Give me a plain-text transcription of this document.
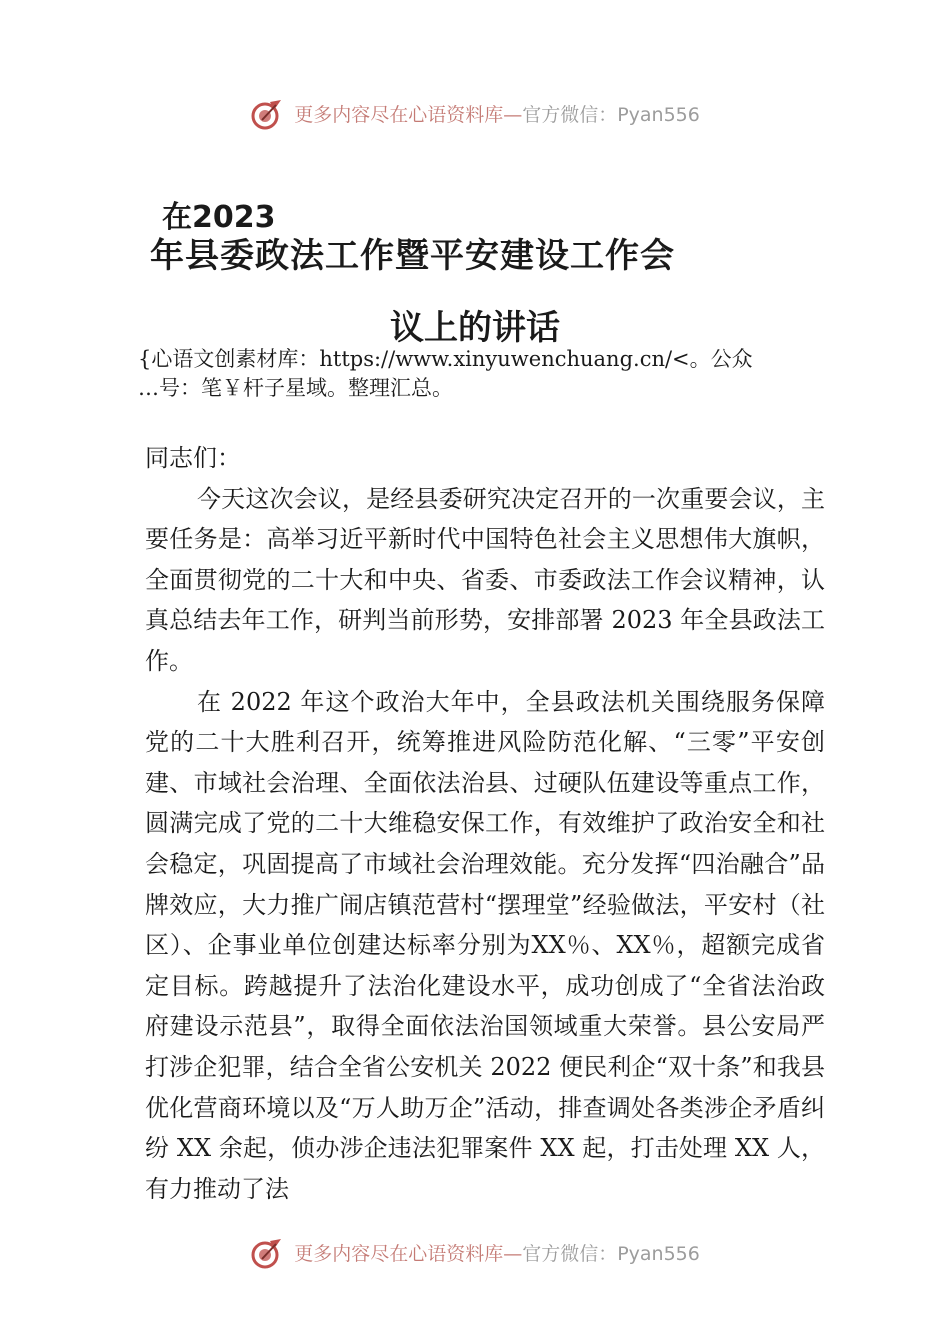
更多内容尽在心语资料库—官方微信：Pyan556
在2023
年县委政法工作暨平安建设工作会
议上的讲话
{心语文创素材库：https://www.xinyuwenchuang.cn/<。公众
…号：笔￥杆子星域。整理汇总。

同志们：

今天这次会议，是经县委研究决定召开的一次重要会议，主要任务是：高举习近平新时代中国特色社会主义思想伟大旗帜，全面贯彻党的二十大和中央、省委、市委政法工作会议精神，认真总结去年工作，研判当前形势，安排部署 2023 年全县政法工作。

在 2022 年这个政治大年中，全县政法机关围绕服务保障党的二十大胜利召开，统筹推进风险防范化解、“三零”平安创建、市域社会治理、全面依法治县、过硬队伍建设等重点工作，圆满完成了党的二十大维稳安保工作，有效维护了政治安全和社会稳定，巩固提高了市域社会治理效能。充分发挥“四治融合”品牌效应，大力推广闹店镇范营村“摆理堂”经验做法，平安村（社区）、企事业单位创建达标率分别为XX％、XX％，超额完成省定目标。跨越提升了法治化建设水平，成功创成了“全省法治政府建设示范县”，取得全面依法治国领域重大荣誉。县公安局严打涉企犯罪，结合全省公安机关 2022 便民利企“双十条”和我县优化营商环境以及“万人助万企”活动，排查调处各类涉企矛盾纠纷 XX 余起，侦办涉企违法犯罪案件 XX 起，打击处理 XX 人，有力推动了法

更多内容尽在心语资料库—官方微信：Pyan556
